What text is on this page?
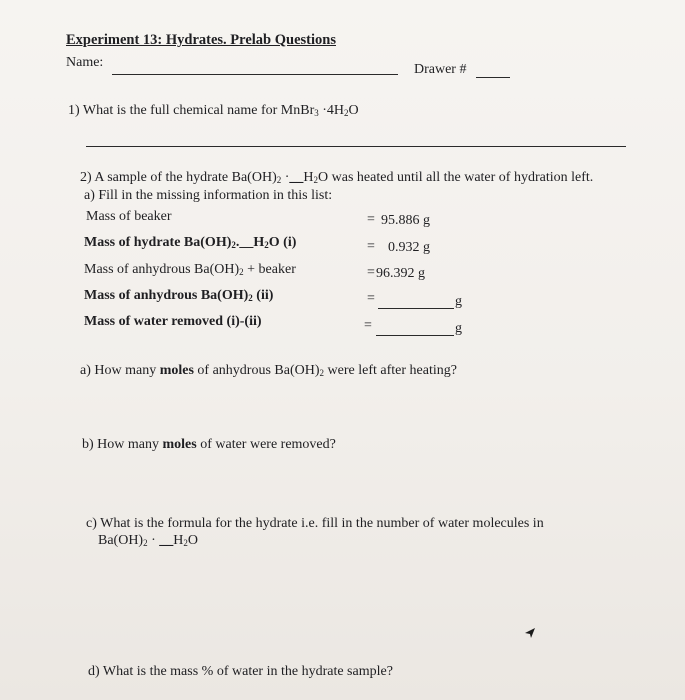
Experiment 13: Hydrates. Prelab Questions
Name:	Drawer #
1) What is the full chemical name for MnBr$_3$ $\cdot 4H_2O$
2) A sample of the hydrate $Ba(OH)_2$ $\cdot\_\_H_2O$ was heated until all the water of hydration left.
a) Fill in the missing information in this list:
Mass of beaker	= 95.886 g
Mass of hydrate $Ba(OH)_2.\_\_H_2O$ (i)	= 0.932 g
Mass of anhydrous $Ba(OH)_2$ + beaker	= 96.392 g
Mass of anhydrous $Ba(OH)_2$ (ii)	=	g
Mass of water removed (i)-(ii)	=	g
a) How many moles of anhydrous $Ba(OH)_2$ were left after heating?
b) How many moles of water were removed?
c) What is the formula for the hydrate i.e. fill in the number of water molecules in
$Ba(OH)_2$ · $\_\_H_2O$
d) What is the mass % of water in the hydrate sample?
